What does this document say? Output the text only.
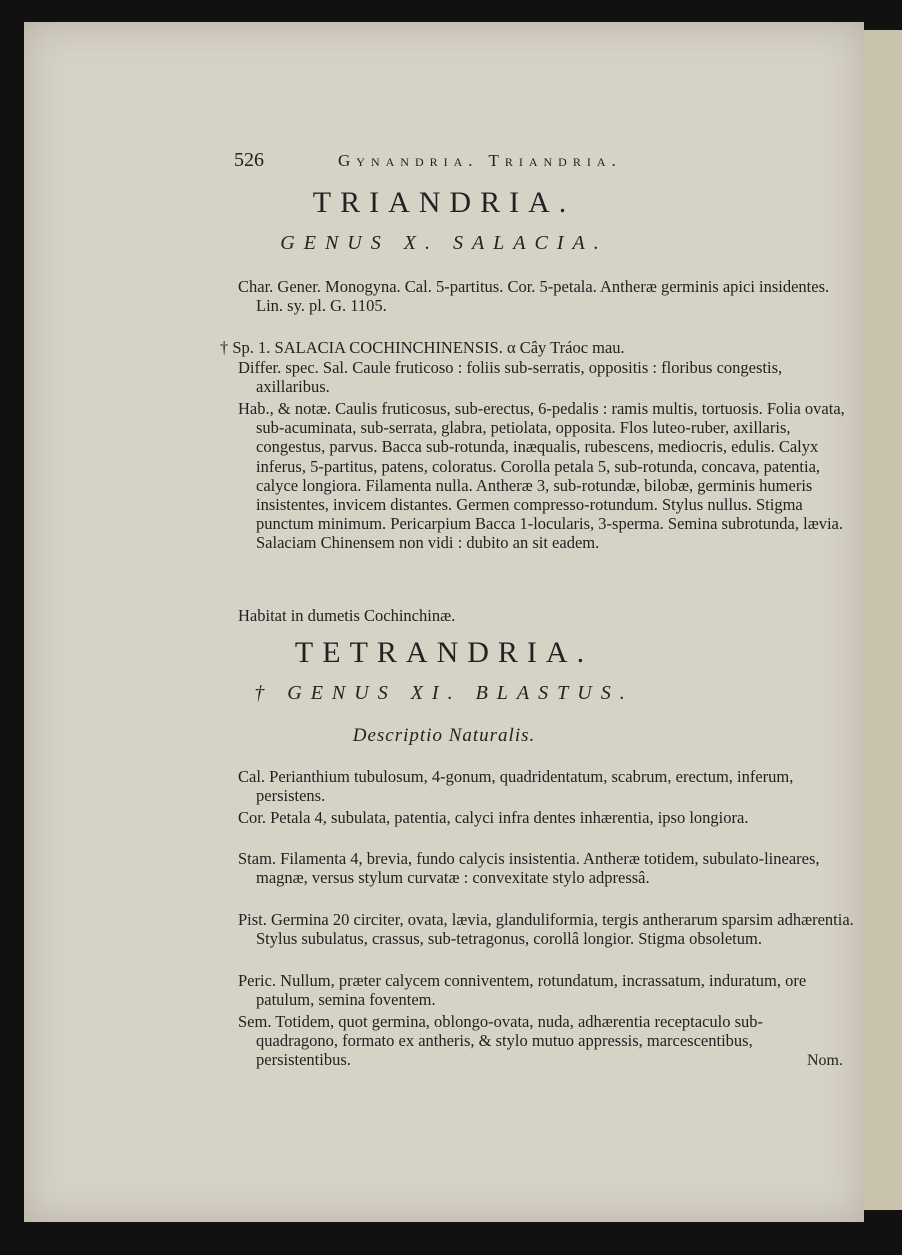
526	Gynandria. Triandria.
TRIANDRIA.
GENUS X. SALACIA.
Char. Gener. Monogyna. Cal. 5-partitus. Cor. 5-petala. Antheræ germinis apici insidentes. Lin. sy. pl. G. 1105.
† Sp. 1. SALACIA COCHINCHINENSIS. α Cây Tráoc mau.
Differ. spec. Sal. Caule fruticoso : foliis sub-serratis, oppositis : floribus congestis, axillaribus.
Hab., & notæ. Caulis fruticosus, sub-erectus, 6-pedalis : ramis multis, tortuosis. Folia ovata, sub-acuminata, sub-serrata, glabra, petiolata, opposita. Flos luteo-ruber, axillaris, congestus, parvus. Bacca sub-rotunda, inæqualis, rubescens, mediocris, edulis. Calyx inferus, 5-partitus, patens, coloratus. Corolla petala 5, sub-rotunda, concava, patentia, calyce longiora. Filamenta nulla. Antheræ 3, sub-rotundæ, bilobæ, germinis humeris insistentes, invicem distantes. Germen compresso-rotundum. Stylus nullus. Stigma punctum minimum. Pericarpium Bacca 1-locularis, 3-sperma. Semina subrotunda, lævia. Salaciam Chinensem non vidi : dubito an sit eadem.
Habitat in dumetis Cochinchinæ.
TETRANDRIA.
† GENUS XI. BLASTUS.
Descriptio Naturalis.
Cal. Perianthium tubulosum, 4-gonum, quadridentatum, scabrum, erectum, inferum, persistens.
Cor. Petala 4, subulata, patentia, calyci infra dentes inhærentia, ipso longiora.
Stam. Filamenta 4, brevia, fundo calycis insistentia. Antheræ totidem, subulato-lineares, magnæ, versus stylum curvatæ : convexitate stylo adpressâ.
Pist. Germina 20 circiter, ovata, lævia, glanduliformia, tergis antherarum sparsim adhærentia. Stylus subulatus, crassus, sub-tetragonus, corollâ longior. Stigma obsoletum.
Peric. Nullum, præter calycem conniventem, rotundatum, incrassatum, induratum, ore patulum, semina foventem.
Sem. Totidem, quot germina, oblongo-ovata, nuda, adhærentia receptaculo sub-quadragono, formato ex antheris, & stylo mutuo appressis, marcescentibus, persistentibus.	Nom.
